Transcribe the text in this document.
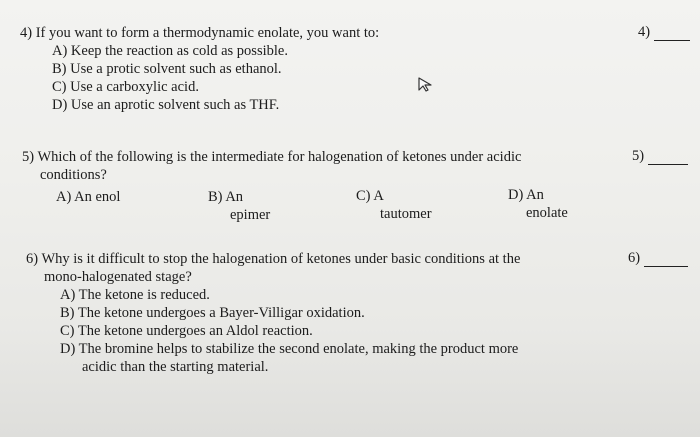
4) If you want to form a thermodynamic enolate, you want to:
A) Keep the reaction as cold as possible.
B) Use a protic solvent such as ethanol.
C) Use a carboxylic acid.
D) Use an aprotic solvent such as THF.
4)
5) Which of the following is the intermediate for halogenation of ketones under acidic
conditions?
A) An enol	B) An
epimer
C) A
tautomer
D) An
enolate
5)
6) Why is it difficult to stop the halogenation of ketones under basic conditions at the
mono-halogenated stage?
A) The ketone is reduced.
B) The ketone undergoes a Bayer-Villigar oxidation.
C) The ketone undergoes an Aldol reaction.
D) The bromine helps to stabilize the second enolate, making the product more
acidic than the starting material.
6)
